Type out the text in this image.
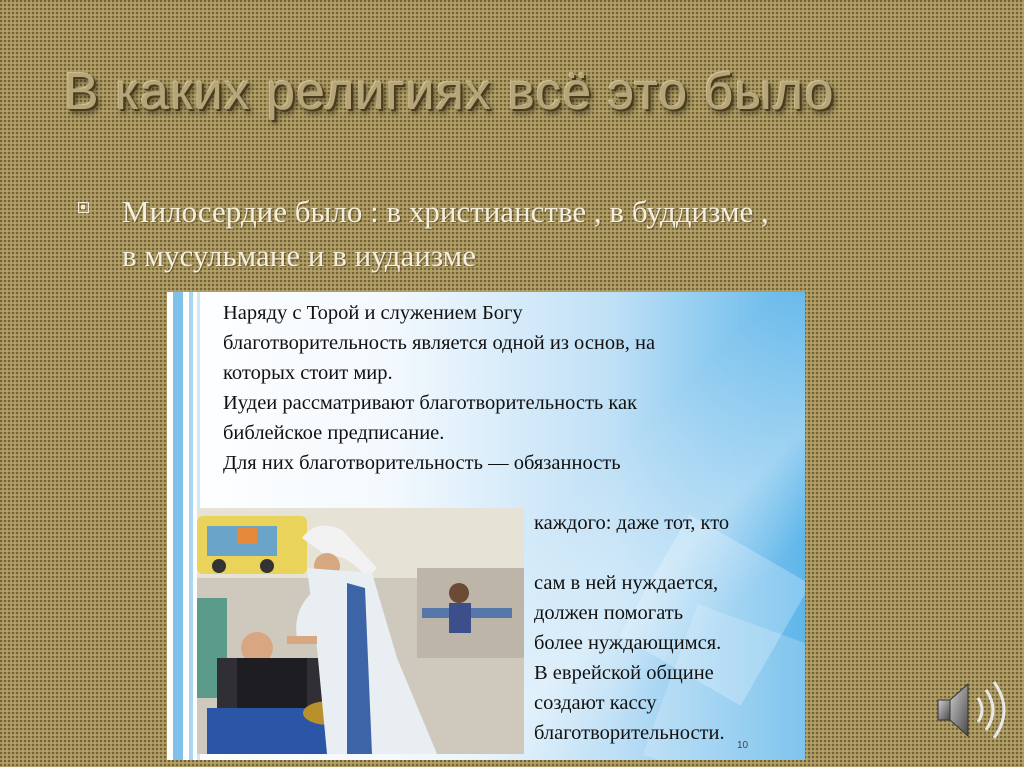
В каких религиях всё это было
Милосердие было : в христианстве , в буддизме ,
в мусульмане и в иудаизме
Наряду с Торой и служением Богу
благотворительность является одной из основ, на
которых стоит мир.
Иудеи рассматривают благотворительность как
библейское предписание.
Для них благотворительность — обязанность
каждого: даже тот, кто

сам в ней нуждается,
должен помогать
более нуждающимся.
В еврейской общине
создают кассу
благотворительности.
10
